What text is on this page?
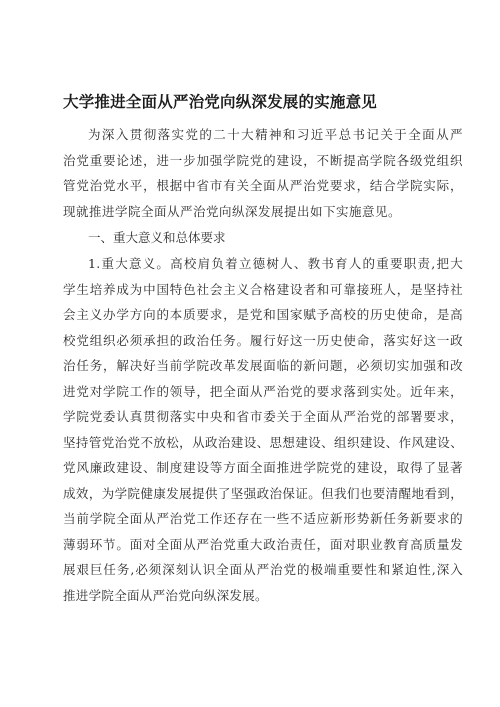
大学推进全面从严治党向纵深发展的实施意见
为深入贯彻落实党的二十大精神和习近平总书记关于全面从严
治党重要论述，进一步加强学院党的建设，不断提高学院各级党组织
管党治党水平，根据中省市有关全面从严治党要求，结合学院实际，
现就推进学院全面从严治党向纵深发展提出如下实施意见。
一、重大意义和总体要求
1.重大意义。高校肩负着立德树人、教书育人的重要职责,把大
学生培养成为中国特色社会主义合格建设者和可靠接班人，是坚持社
会主义办学方向的本质要求，是党和国家赋予高校的历史使命，是高
校党组织必须承担的政治任务。履行好这一历史使命，落实好这一政
治任务，解决好当前学院改革发展面临的新问题，必须切实加强和改
进党对学院工作的领导，把全面从严治党的要求落到实处。近年来，
学院党委认真贯彻落实中央和省市委关于全面从严治党的部署要求，
坚持管党治党不放松，从政治建设、思想建设、组织建设、作风建设、
党风廉政建设、制度建设等方面全面推进学院党的建设，取得了显著
成效，为学院健康发展提供了坚强政治保证。但我们也要清醒地看到，
当前学院全面从严治党工作还存在一些不适应新形势新任务新要求的
薄弱环节。面对全面从严治党重大政治责任，面对职业教育高质量发
展艰巨任务,必须深刻认识全面从严治党的极端重要性和紧迫性,深入
推进学院全面从严治党向纵深发展。
